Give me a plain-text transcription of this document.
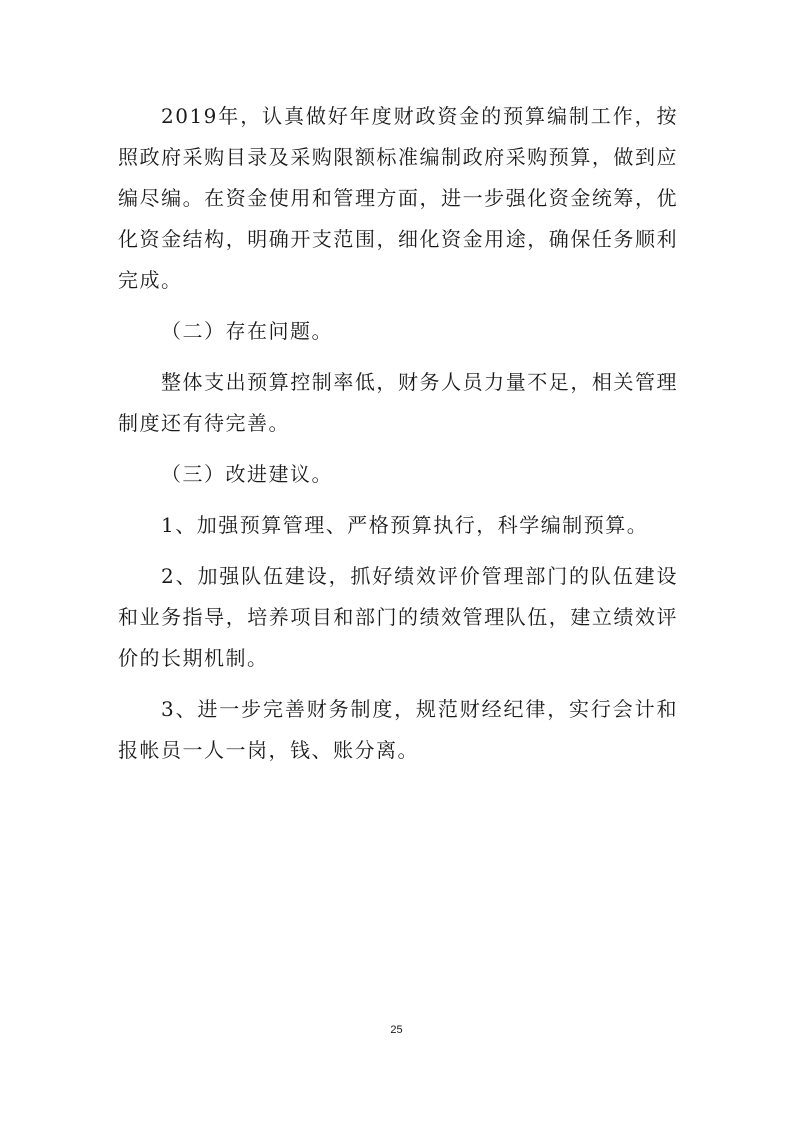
2019年，认真做好年度财政资金的预算编制工作，按照政府采购目录及采购限额标准编制政府采购预算，做到应编尽编。在资金使用和管理方面，进一步强化资金统筹，优化资金结构，明确开支范围，细化资金用途，确保任务顺利完成。

（二）存在问题。

整体支出预算控制率低，财务人员力量不足，相关管理制度还有待完善。

（三）改进建议。

1、加强预算管理、严格预算执行，科学编制预算。

2、加强队伍建设，抓好绩效评价管理部门的队伍建设和业务指导，培养项目和部门的绩效管理队伍，建立绩效评价的长期机制。

3、进一步完善财务制度，规范财经纪律，实行会计和报帐员一人一岗，钱、账分离。

25
